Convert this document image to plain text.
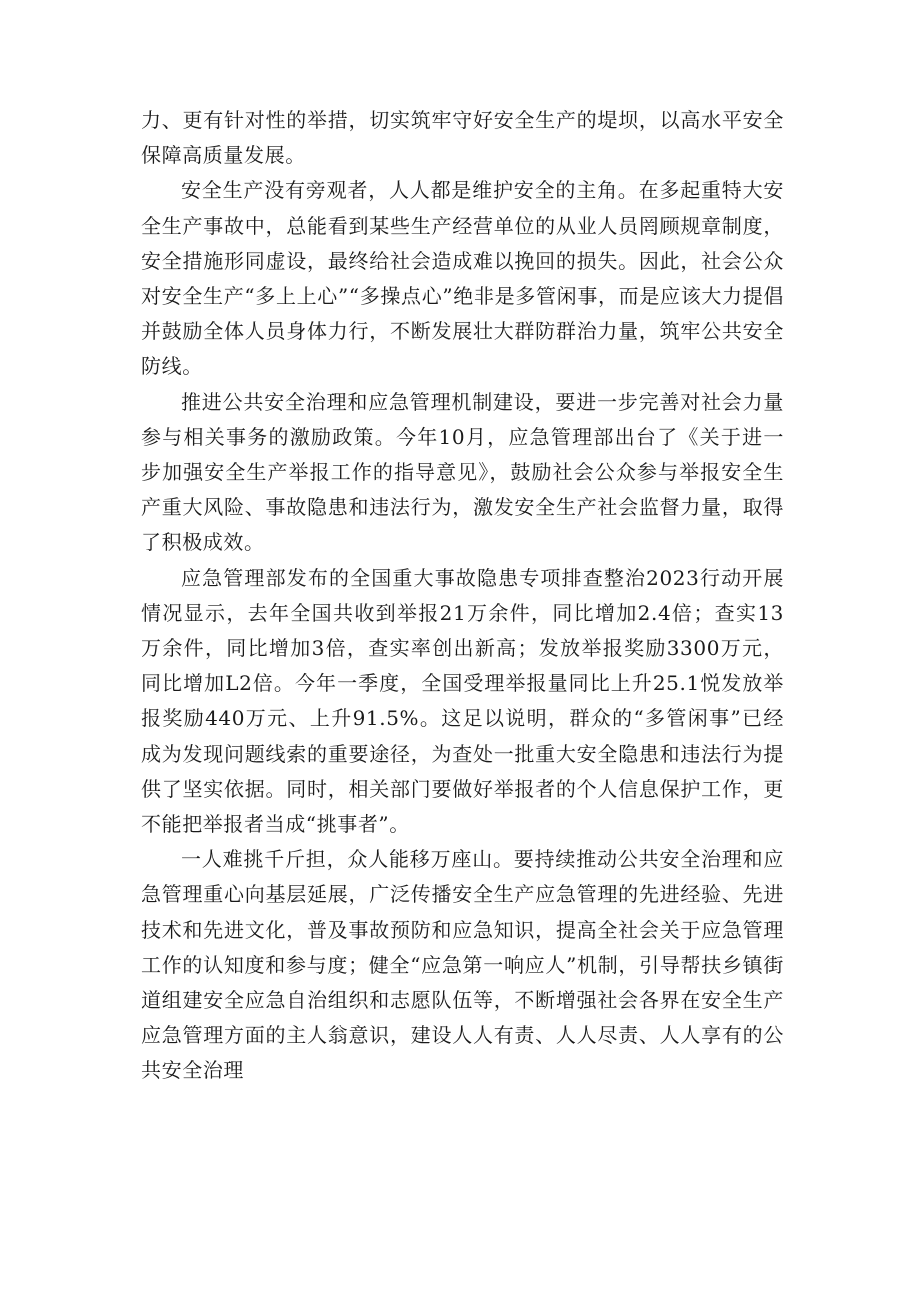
力、更有针对性的举措，切实筑牢守好安全生产的堤坝，以高水平安全保障高质量发展。

安全生产没有旁观者，人人都是维护安全的主角。在多起重特大安全生产事故中，总能看到某些生产经营单位的从业人员罔顾规章制度，安全措施形同虚设，最终给社会造成难以挽回的损失。因此，社会公众对安全生产“多上上心”“多操点心”绝非是多管闲事，而是应该大力提倡并鼓励全体人员身体力行，不断发展壮大群防群治力量，筑牢公共安全防线。

推进公共安全治理和应急管理机制建设，要进一步完善对社会力量参与相关事务的激励政策。今年10月，应急管理部出台了《关于进一步加强安全生产举报工作的指导意见》，鼓励社会公众参与举报安全生产重大风险、事故隐患和违法行为，激发安全生产社会监督力量，取得了积极成效。

应急管理部发布的全国重大事故隐患专项排查整治2023行动开展情况显示，去年全国共收到举报21万余件，同比增加2.4倍；查实13万余件，同比增加3倍，查实率创出新高；发放举报奖励3300万元，同比增加L2倍。今年一季度，全国受理举报量同比上升25.1悦发放举报奖励440万元、上升91.5%。这足以说明，群众的“多管闲事”已经成为发现问题线索的重要途径，为查处一批重大安全隐患和违法行为提供了坚实依据。同时，相关部门要做好举报者的个人信息保护工作，更不能把举报者当成“挑事者”。

一人难挑千斤担，众人能移万座山。要持续推动公共安全治理和应急管理重心向基层延展，广泛传播安全生产应急管理的先进经验、先进技术和先进文化，普及事故预防和应急知识，提高全社会关于应急管理工作的认知度和参与度；健全“应急第一响应人”机制，引导帮扶乡镇街道组建安全应急自治组织和志愿队伍等，不断增强社会各界在安全生产应急管理方面的主人翁意识，建设人人有责、人人尽责、人人享有的公共安全治理
